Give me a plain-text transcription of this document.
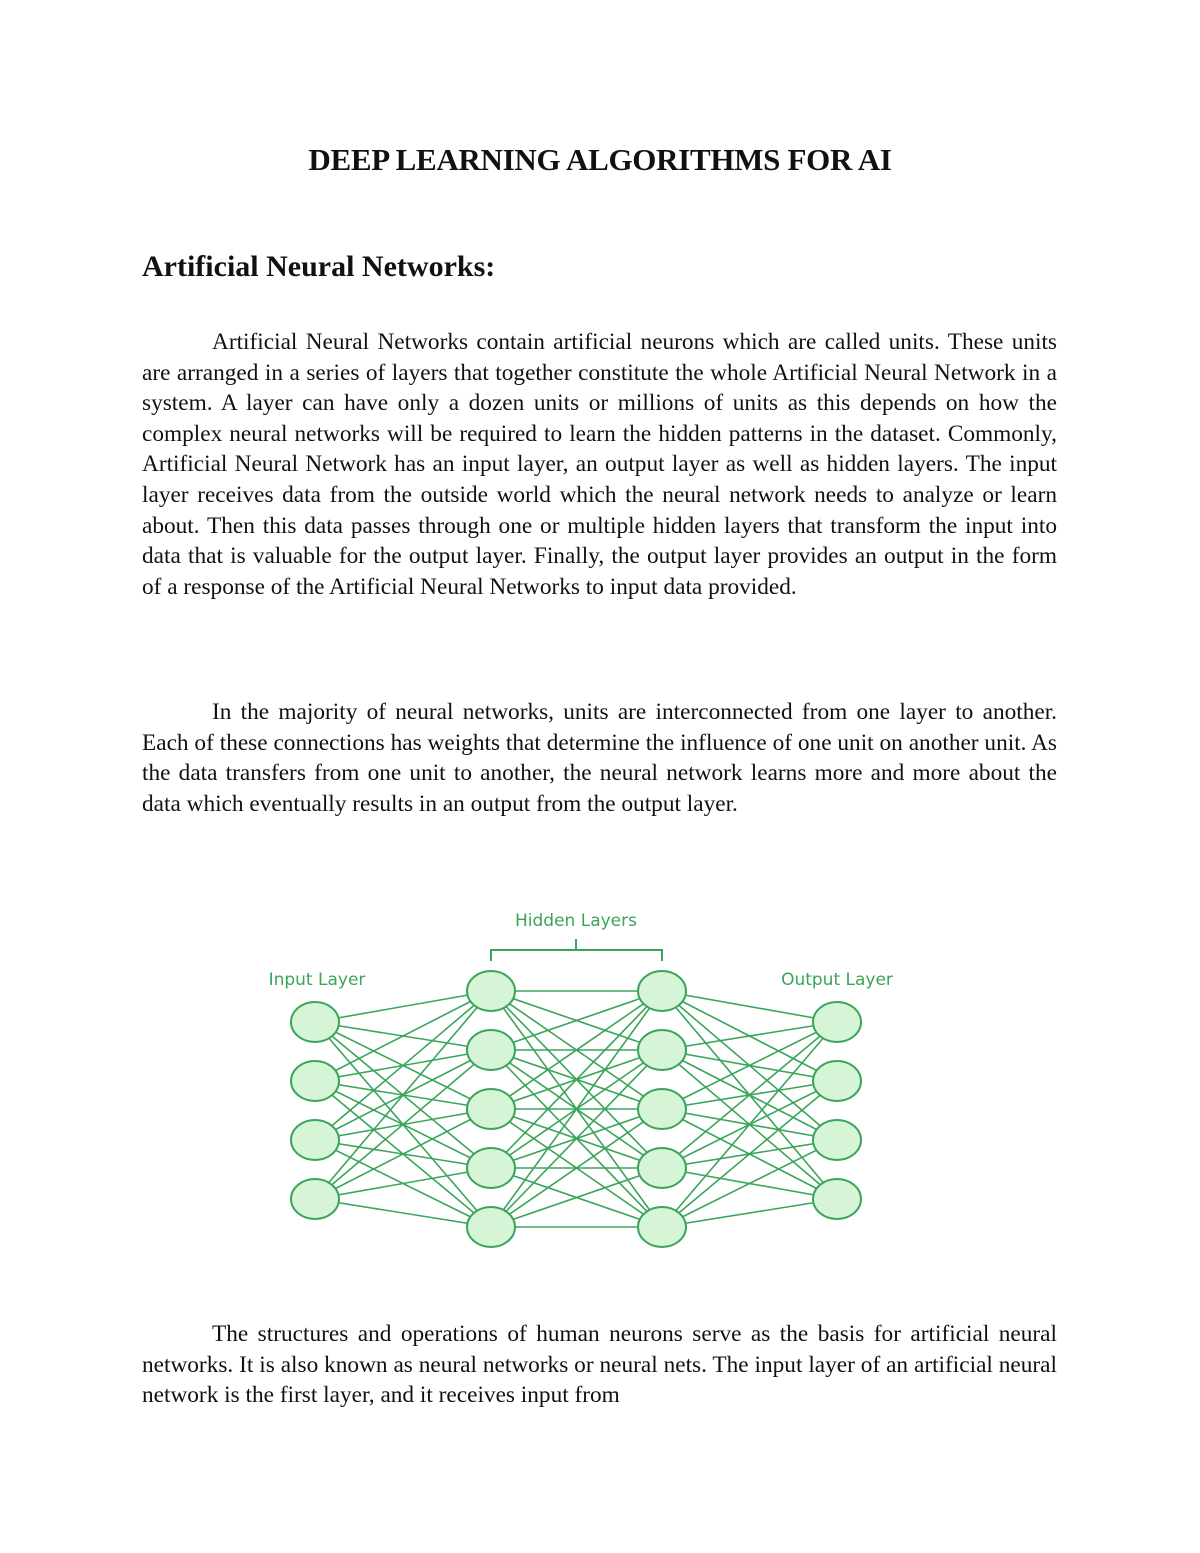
DEEP LEARNING ALGORITHMS FOR AI
Artificial Neural Networks:

Artificial Neural Networks contain artificial neurons which are called units. These units are arranged in a series of layers that together constitute the whole Artificial Neural Network in a system. A layer can have only a dozen units or millions of units as this depends on how the complex neural networks will be required to learn the hidden patterns in the dataset. Commonly, Artificial Neural Network has an input layer, an output layer as well as hidden layers. The input layer receives data from the outside world which the neural network needs to analyze or learn about. Then this data passes through one or multiple hidden layers that transform the input into data that is valuable for the output layer. Finally, the output layer provides an output in the form of a response of the Artificial Neural Networks to input data provided.

In the majority of neural networks, units are interconnected from one layer to another. Each of these connections has weights that determine the influence of one unit on another unit. As the data transfers from one unit to another, the neural network learns more and more about the data which eventually results in an output from the output layer.

Hidden Layers
Input Layer	Output Layer

The structures and operations of human neurons serve as the basis for artificial neural networks. It is also known as neural networks or neural nets. The input layer of an artificial neural network is the first layer, and it receives input from
